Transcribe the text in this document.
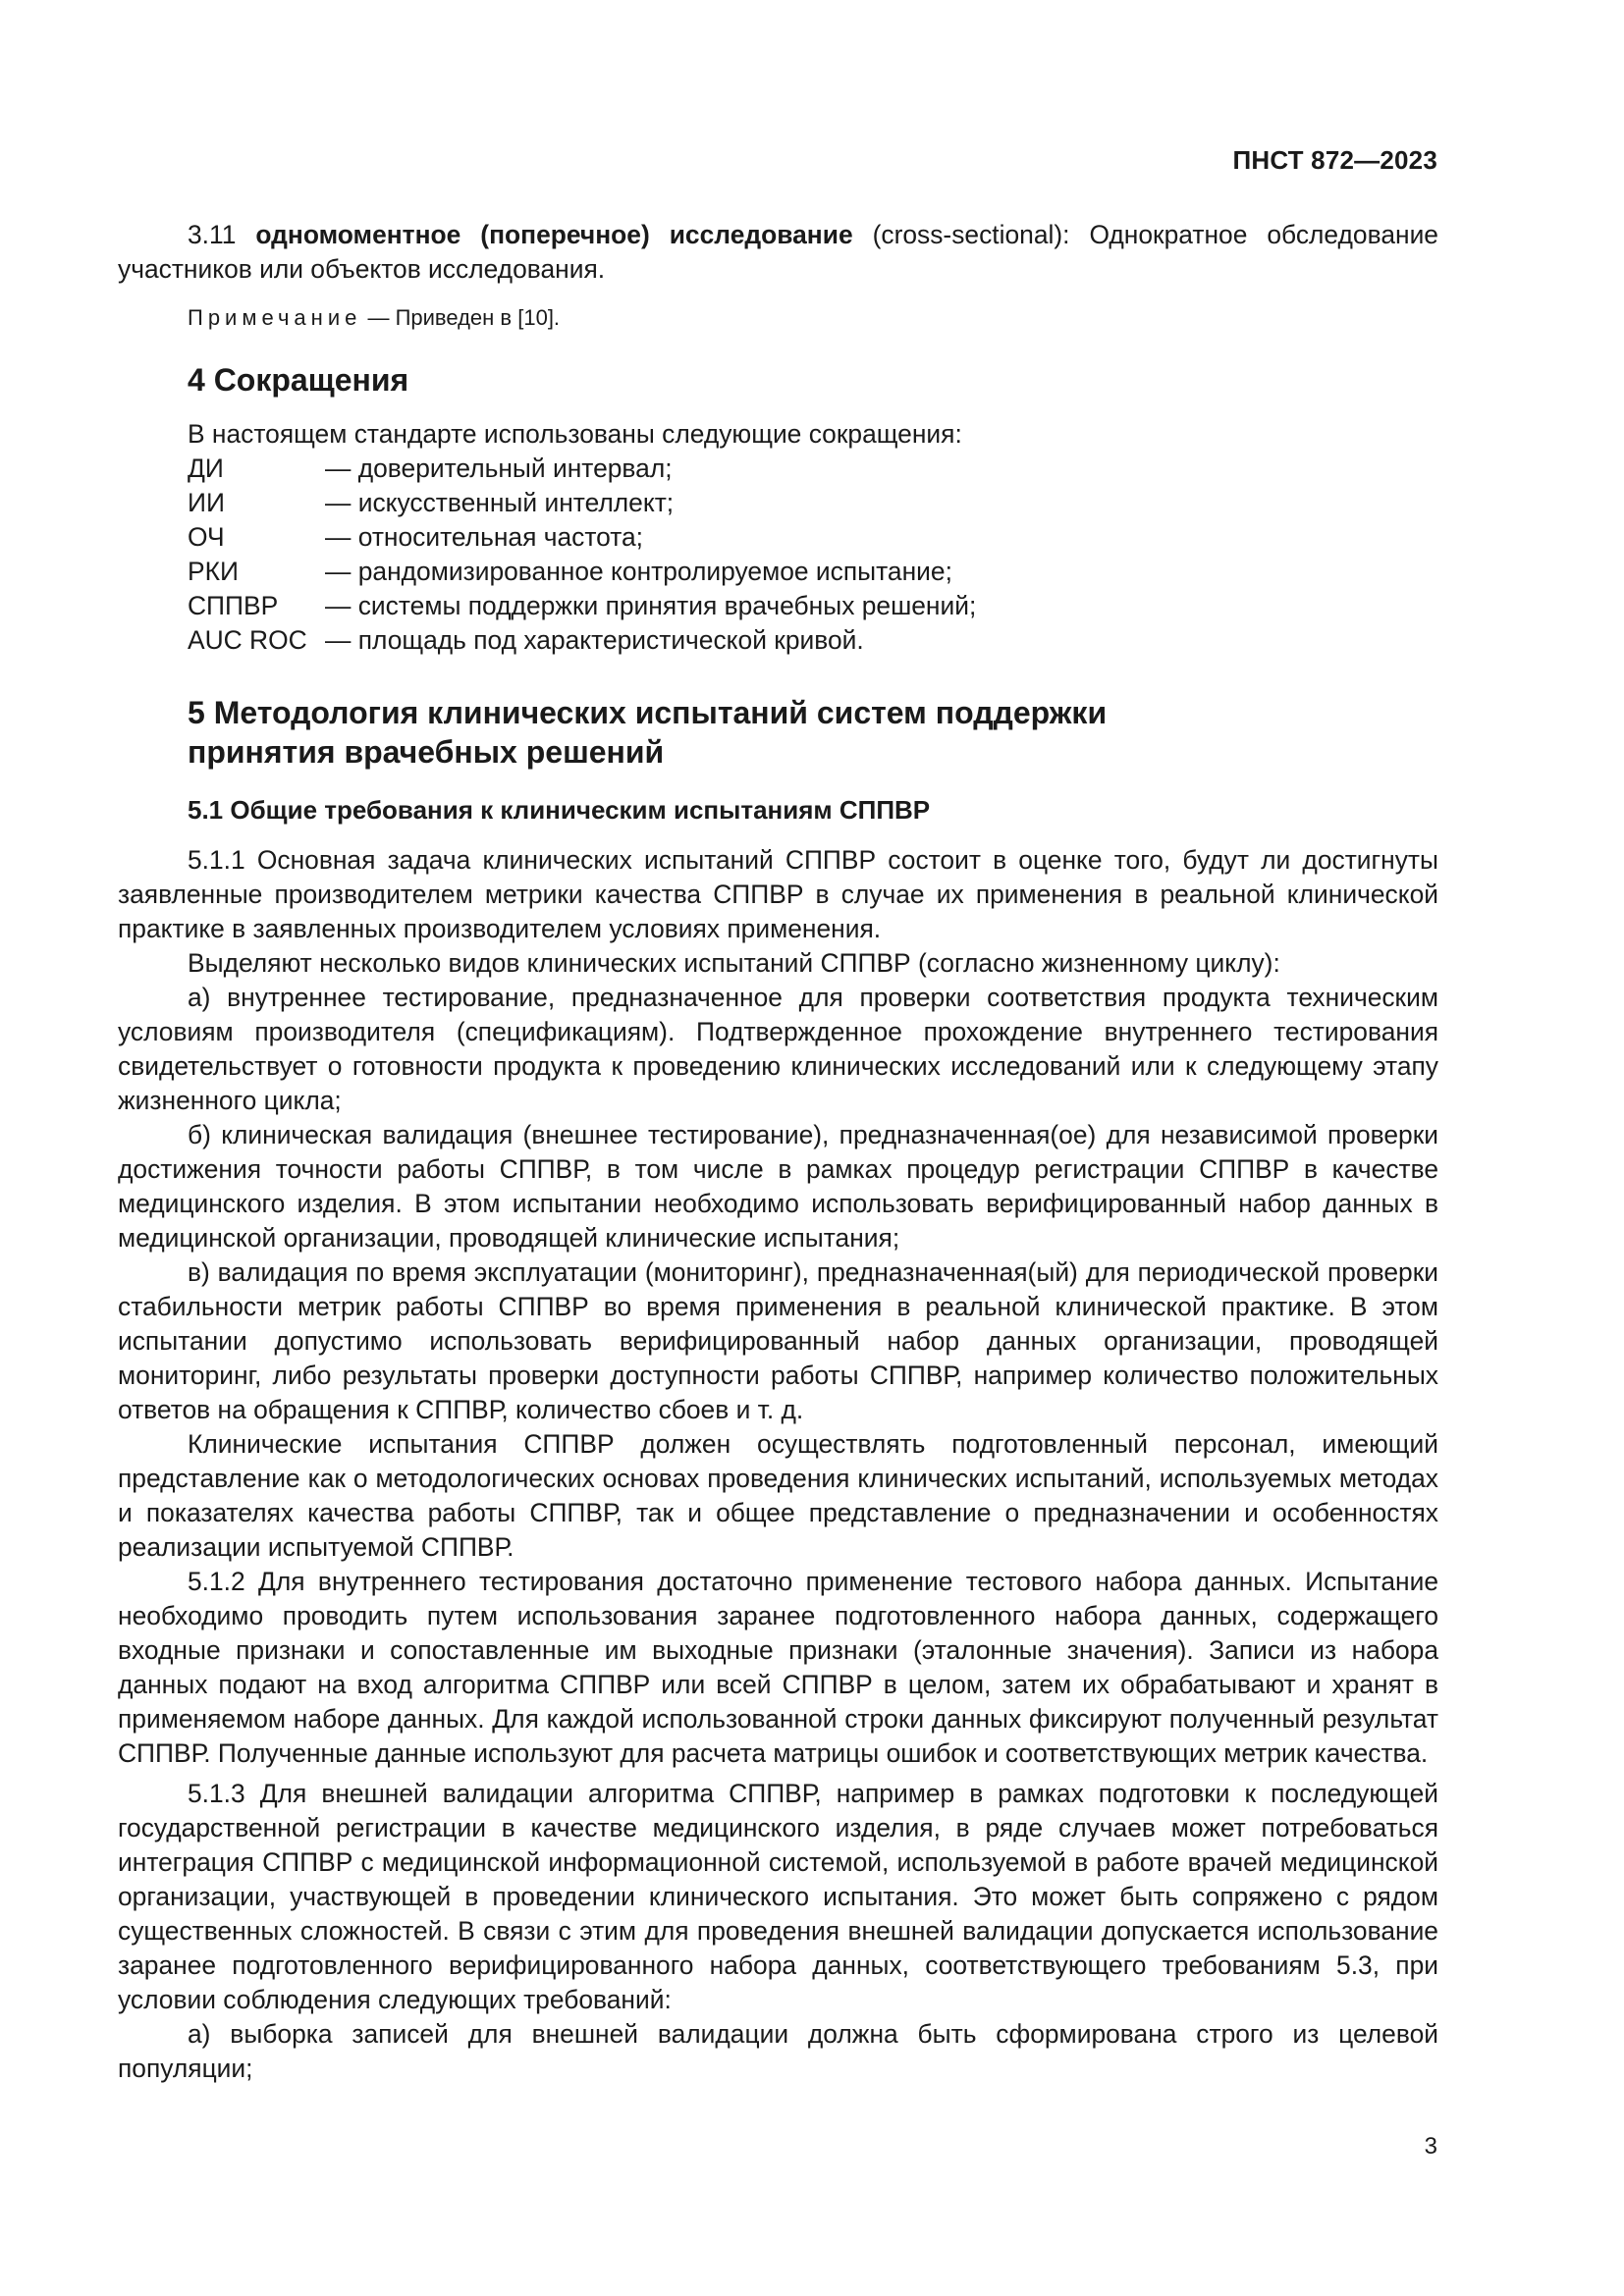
ПНСТ 872—2023

3.11 одномоментное (поперечное) исследование (cross-sectional): Однократное обследование участников или объектов исследования.

Примечание — Приведен в [10].
4 Сокращения

В настоящем стандарте использованы следующие сокращения:

ДИ	— доверительный интервал;
ИИ	— искусственный интеллект;
ОЧ	— относительная частота;
РКИ	— рандомизированное контролируемое испытание;
СППВР	— системы поддержки принятия врачебных решений;
AUC ROC — площадь под характеристической кривой.
5 Методология клинических испытаний систем поддержки
принятия врачебных решений
5.1 Общие требования к клиническим испытаниям СППВР

5.1.1 Основная задача клинических испытаний СППВР состоит в оценке того, будут ли достигнуты заявленные производителем метрики качества СППВР в случае их применения в реальной клинической практике в заявленных производителем условиях применения.

Выделяют несколько видов клинических испытаний СППВР (согласно жизненному циклу):

а) внутреннее тестирование, предназначенное для проверки соответствия продукта техническим условиям производителя (спецификациям). Подтвержденное прохождение внутреннего тестирования свидетельствует о готовности продукта к проведению клинических исследований или к следующему этапу жизненного цикла;

б) клиническая валидация (внешнее тестирование), предназначенная(ое) для независимой проверки достижения точности работы СППВР, в том числе в рамках процедур регистрации СППВР в качестве медицинского изделия. В этом испытании необходимо использовать верифицированный набор данных в медицинской организации, проводящей клинические испытания;

в) валидация по время эксплуатации (мониторинг), предназначенная(ый) для периодической проверки стабильности метрик работы СППВР во время применения в реальной клинической практике. В этом испытании допустимо использовать верифицированный набор данных организации, проводящей мониторинг, либо результаты проверки доступности работы СППВР, например количество положительных ответов на обращения к СППВР, количество сбоев и т. д.

Клинические испытания СППВР должен осуществлять подготовленный персонал, имеющий представление как о методологических основах проведения клинических испытаний, используемых методах и показателях качества работы СППВР, так и общее представление о предназначении и особенностях реализации испытуемой СППВР.

5.1.2 Для внутреннего тестирования достаточно применение тестового набора данных. Испытание необходимо проводить путем использования заранее подготовленного набора данных, содержащего входные признаки и сопоставленные им выходные признаки (эталонные значения). Записи из набора данных подают на вход алгоритма СППВР или всей СППВР в целом, затем их обрабатывают и хранят в применяемом наборе данных. Для каждой использованной строки данных фиксируют полученный результат СППВР. Полученные данные используют для расчета матрицы ошибок и соответствующих метрик качества.

5.1.3 Для внешней валидации алгоритма СППВР, например в рамках подготовки к последующей государственной регистрации в качестве медицинского изделия, в ряде случаев может потребоваться интеграция СППВР с медицинской информационной системой, используемой в работе врачей медицинской организации, участвующей в проведении клинического испытания. Это может быть сопряжено с рядом существенных сложностей. В связи с этим для проведения внешней валидации допускается использование заранее подготовленного верифицированного набора данных, соответствующего требованиям 5.3, при условии соблюдения следующих требований:

а) выборка записей для внешней валидации должна быть сформирована строго из целевой популяции;

3
